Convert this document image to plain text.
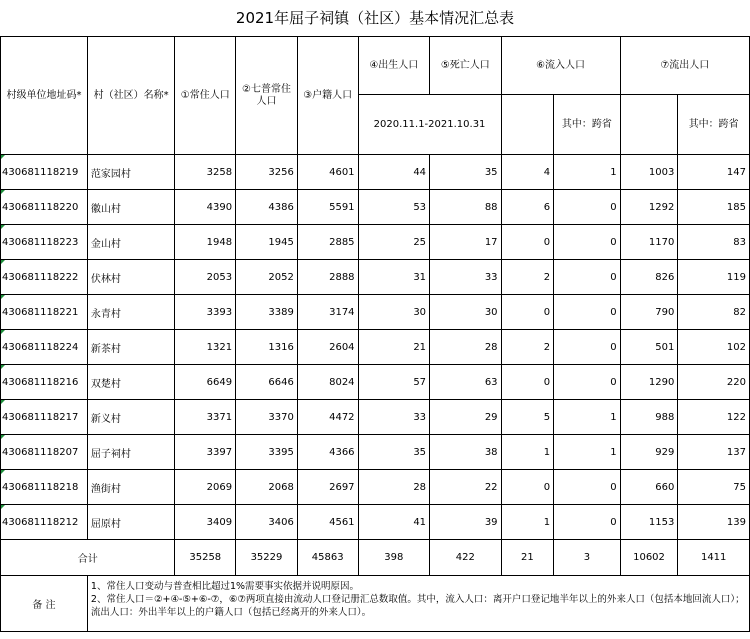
2021年屈子祠镇（社区）基本情况汇总表
村级单位地址码*	村（社区）名称*	①常住人口	②七普常住人口	③户籍人口	④出生人口	⑤死亡人口	⑥流入人口		⑦流出人口	
					2020.11.1-2021.10.31			其中：跨省		其中：跨省
430681118219	范家园村	3258	3256	4601	44	35	4	1	1003	147
430681118220	徽山村	4390	4386	5591	53	88	6	0	1292	185
430681118223	金山村	1948	1945	2885	25	17	0	0	1170	83
430681118222	伏林村	2053	2052	2888	31	33	2	0	826	119
430681118221	永青村	3393	3389	3174	30	30	0	0	790	82
430681118224	新茶村	1321	1316	2604	21	28	2	0	501	102
430681118216	双楚村	6649	6646	8024	57	63	0	0	1290	220
430681118217	新义村	3371	3370	4472	33	29	5	1	988	122
430681118207	屈子祠村	3397	3395	4366	35	38	1	1	929	137
430681118218	渔街村	2069	2068	2697	28	22	0	0	660	75
430681118212	屈原村	3409	3406	4561	41	39	1	0	1153	139
合计		35258	35229	45863	398	422	21	3	10602	1411
备 注	1、常住人口变动与普查相比超过1%需要事实依据并说明原因。
2、常住人口＝②+④-⑤+⑥-⑦，⑥⑦两项直接由流动人口登记册汇总数取值。其中，流入人口：离开户口登记地半年以上的外来人口（包括本地回流人口）；流出人口：外出半年以上的户籍人口（包括已经离开的外来人口）。									
